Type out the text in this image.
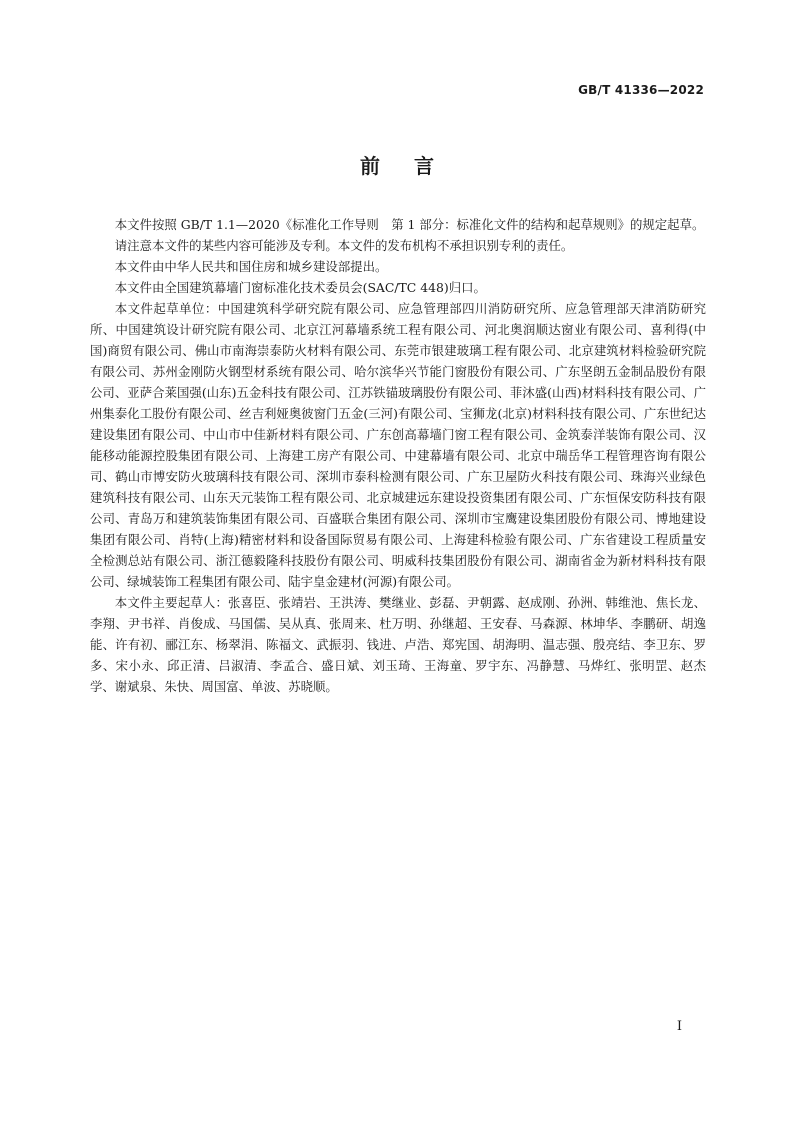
GB/T 41336—2022
前言

本文件按照 GB/T 1.1—2020《标准化工作导则　第 1 部分：标准化文件的结构和起草规则》的规定起草。

请注意本文件的某些内容可能涉及专利。本文件的发布机构不承担识别专利的责任。

本文件由中华人民共和国住房和城乡建设部提出。

本文件由全国建筑幕墙门窗标准化技术委员会(SAC/TC 448)归口。

本文件起草单位：中国建筑科学研究院有限公司、应急管理部四川消防研究所、应急管理部天津消防研究所、中国建筑设计研究院有限公司、北京江河幕墙系统工程有限公司、河北奥润顺达窗业有限公司、喜利得(中国)商贸有限公司、佛山市南海崇泰防火材料有限公司、东莞市银建玻璃工程有限公司、北京建筑材料检验研究院有限公司、苏州金刚防火钢型材系统有限公司、哈尔滨华兴节能门窗股份有限公司、广东坚朗五金制品股份有限公司、亚萨合莱国强(山东)五金科技有限公司、江苏铁锚玻璃股份有限公司、菲沐盛(山西)材料科技有限公司、广州集泰化工股份有限公司、丝吉利娅奥彼窗门五金(三河)有限公司、宝狮龙(北京)材料科技有限公司、广东世纪达建设集团有限公司、中山市中佳新材料有限公司、广东创高幕墙门窗工程有限公司、金筑泰洋装饰有限公司、汉能移动能源控股集团有限公司、上海建工房产有限公司、中建幕墙有限公司、北京中瑞岳华工程管理咨询有限公司、鹤山市博安防火玻璃科技有限公司、深圳市泰科检测有限公司、广东卫屋防火科技有限公司、珠海兴业绿色建筑科技有限公司、山东天元装饰工程有限公司、北京城建远东建设投资集团有限公司、广东恒保安防科技有限公司、青岛万和建筑装饰集团有限公司、百盛联合集团有限公司、深圳市宝鹰建设集团股份有限公司、博地建设集团有限公司、肖特(上海)精密材料和设备国际贸易有限公司、上海建科检验有限公司、广东省建设工程质量安全检测总站有限公司、浙江德毅隆科技股份有限公司、明威科技集团股份有限公司、湖南省金为新材料科技有限公司、绿城装饰工程集团有限公司、陆宇皇金建材(河源)有限公司。

本文件主要起草人：张喜臣、张靖岩、王洪涛、樊继业、彭磊、尹朝露、赵成刚、孙洲、韩维池、焦长龙、李翔、尹书祥、肖俊成、马国儒、吴从真、张周来、杜万明、孙继超、王安春、马森源、林坤华、李鹏研、胡逸能、许有初、郦江东、杨翠涓、陈福文、武振羽、钱进、卢浩、郑宪国、胡海明、温志强、殷亮结、李卫东、罗多、宋小永、邱正清、吕淑清、李孟合、盛日斌、刘玉琦、王海童、罗宇东、冯静慧、马烨红、张明罡、赵杰学、谢斌泉、朱快、周国富、单波、苏晓顺。

I
